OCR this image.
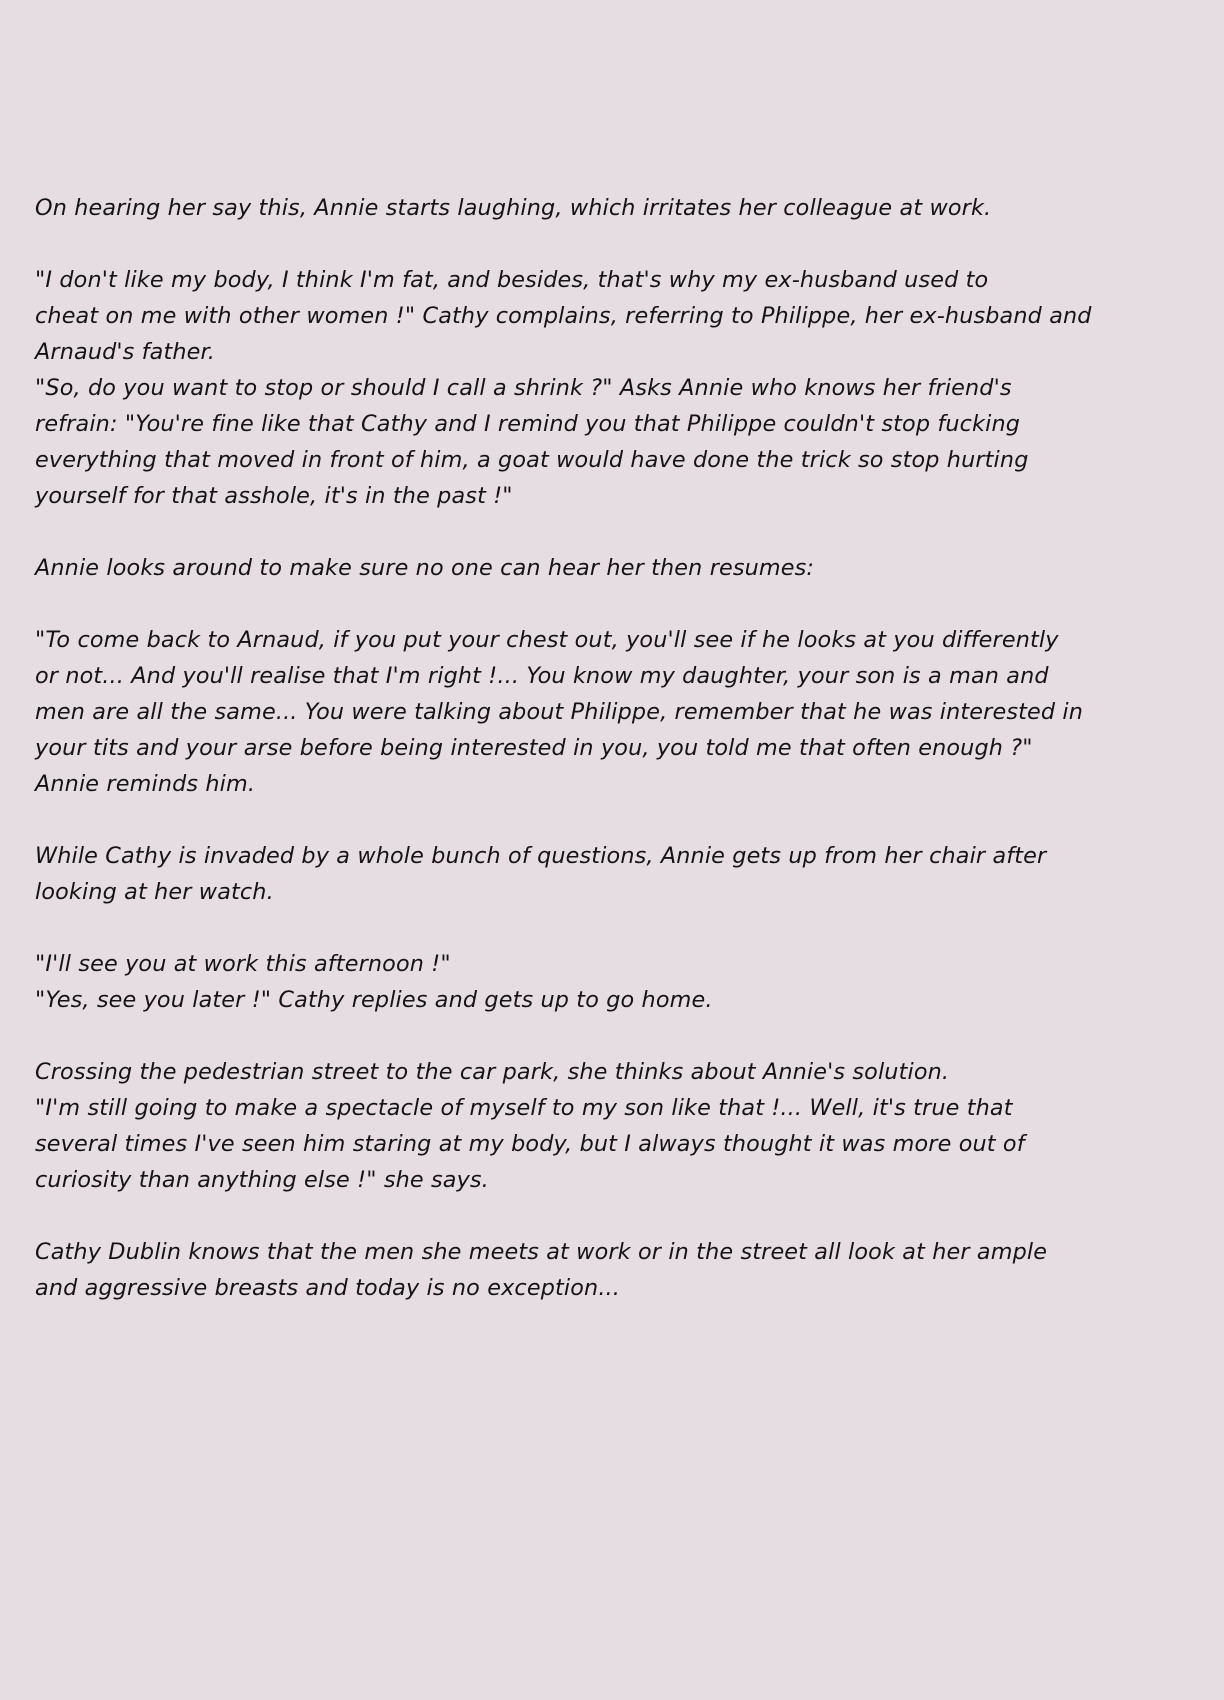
On hearing her say this, Annie starts laughing, which irritates her colleague at work.

"I don't like my body, I think I'm fat, and besides, that's why my ex-husband used to
cheat on me with other women !" Cathy complains, referring to Philippe, her ex-husband and
Arnaud's father.
"So, do you want to stop or should I call a shrink ?" Asks Annie who knows her friend's
refrain: "You're fine like that Cathy and I remind you that Philippe couldn't stop fucking
everything that moved in front of him, a goat would have done the trick so stop hurting
yourself for that asshole, it's in the past !"

Annie looks around to make sure no one can hear her then resumes:

"To come back to Arnaud, if you put your chest out, you'll see if he looks at you differently
or not... And you'll realise that I'm right !... You know my daughter, your son is a man and
men are all the same... You were talking about Philippe, remember that he was interested in
your tits and your arse before being interested in you, you told me that often enough ?"
Annie reminds him.

While Cathy is invaded by a whole bunch of questions, Annie gets up from her chair after
looking at her watch.

"I'll see you at work this afternoon !"
"Yes, see you later !" Cathy replies and gets up to go home.

Crossing the pedestrian street to the car park, she thinks about Annie's solution.
"I'm still going to make a spectacle of myself to my son like that !... Well, it's true that
several times I've seen him staring at my body, but I always thought it was more out of
curiosity than anything else !" she says.

Cathy Dublin knows that the men she meets at work or in the street all look at her ample
and aggressive breasts and today is no exception...
